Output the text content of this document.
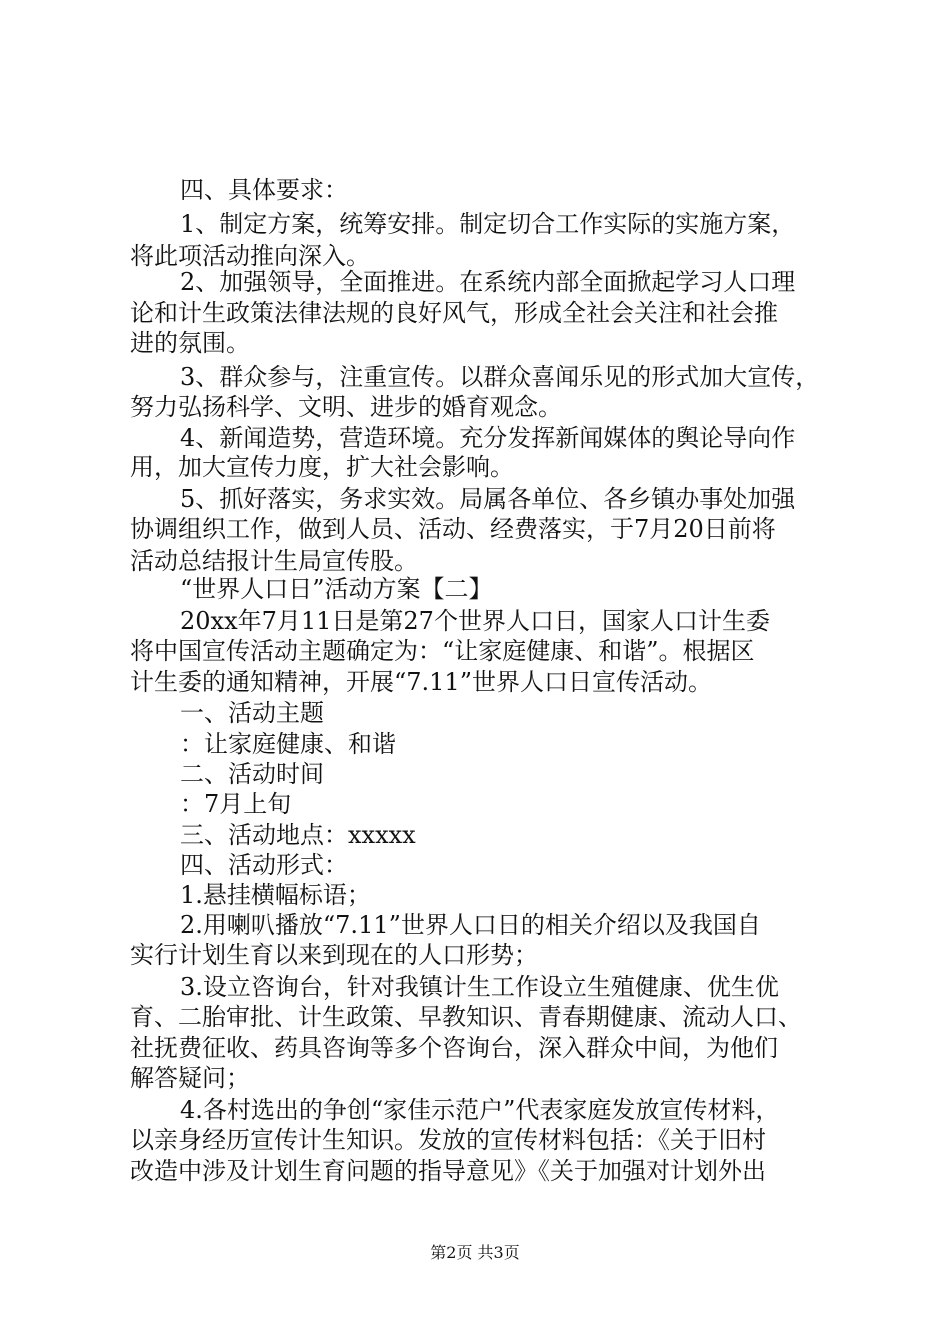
四、具体要求：
1、制定方案，统筹安排。制定切合工作实际的实施方案，
将此项活动推向深入。
2、加强领导，全面推进。在系统内部全面掀起学习人口理
论和计生政策法律法规的良好风气，形成全社会关注和社会推
进的氛围。
3、群众参与，注重宣传。以群众喜闻乐见的形式加大宣传，
努力弘扬科学、文明、进步的婚育观念。
4、新闻造势，营造环境。充分发挥新闻媒体的舆论导向作
用，加大宣传力度，扩大社会影响。
5、抓好落实，务求实效。局属各单位、各乡镇办事处加强
协调组织工作，做到人员、活动、经费落实，于7月20日前将
活动总结报计生局宣传股。
“世界人口日”活动方案【二】
20xx年7月11日是第27个世界人口日，国家人口计生委
将中国宣传活动主题确定为：“让家庭健康、和谐”。根据区
计生委的通知精神，开展“7.11”世界人口日宣传活动。
一、活动主题
：让家庭健康、和谐
二、活动时间
：7月上旬
三、活动地点：xxxxx
四、活动形式：
1.悬挂横幅标语；
2.用喇叭播放“7.11”世界人口日的相关介绍以及我国自
实行计划生育以来到现在的人口形势；
3.设立咨询台，针对我镇计生工作设立生殖健康、优生优
育、二胎审批、计生政策、早教知识、青春期健康、流动人口、
社抚费征收、药具咨询等多个咨询台，深入群众中间，为他们
解答疑问；
4.各村选出的争创“家佳示范户”代表家庭发放宣传材料，
以亲身经历宣传计生知识。发放的宣传材料包括：《关于旧村
改造中涉及计划生育问题的指导意见》《关于加强对计划外出
第2页 共3页
